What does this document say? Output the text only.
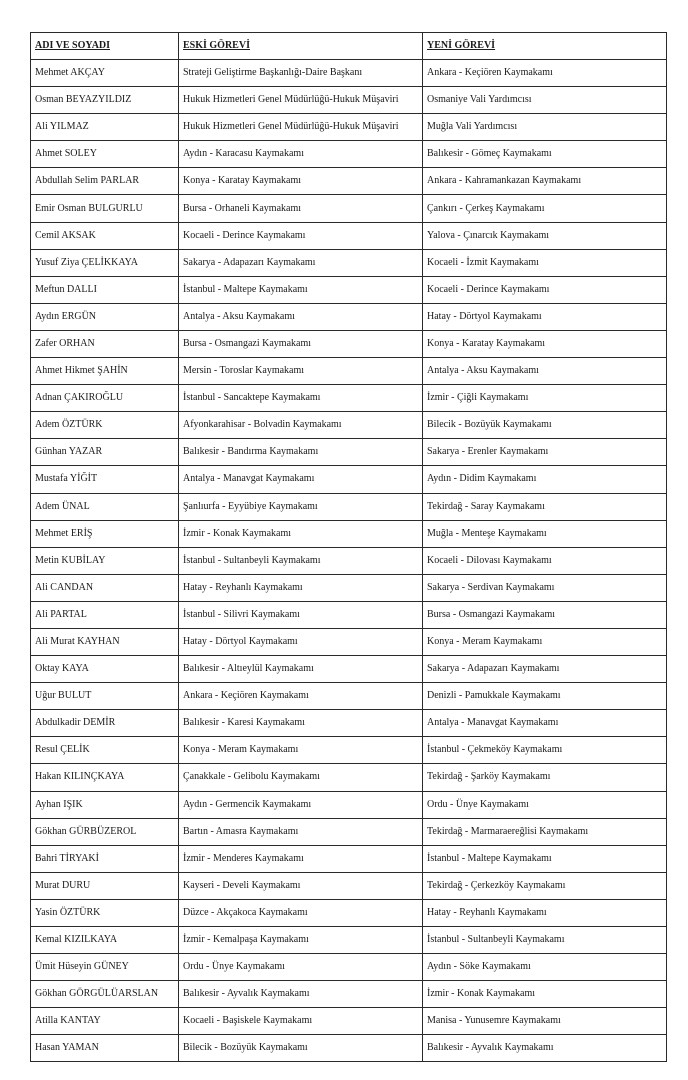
ADI VE SOYADI	ESKİ GÖREVİ	YENİ GÖREVİ
Mehmet AKÇAY	Strateji Geliştirme Başkanlığı-Daire Başkanı	Ankara - Keçiören Kaymakamı
Osman BEYAZYILDIZ	Hukuk Hizmetleri Genel Müdürlüğü-Hukuk Müşaviri	Osmaniye Vali Yardımcısı
Ali YILMAZ	Hukuk Hizmetleri Genel Müdürlüğü-Hukuk Müşaviri	Muğla Vali Yardımcısı
Ahmet SOLEY	Aydın - Karacasu Kaymakamı	Balıkesir - Gömeç Kaymakamı
Abdullah Selim PARLAR	Konya - Karatay Kaymakamı	Ankara - Kahramankazan Kaymakamı
Emir Osman BULGURLU	Bursa - Orhaneli Kaymakamı	Çankırı - Çerkeş Kaymakamı
Cemil AKSAK	Kocaeli - Derince Kaymakamı	Yalova - Çınarcık Kaymakamı
Yusuf Ziya ÇELİKKAYA	Sakarya - Adapazarı Kaymakamı	Kocaeli - İzmit Kaymakamı
Meftun DALLI	İstanbul - Maltepe Kaymakamı	Kocaeli - Derince Kaymakamı
Aydın ERGÜN	Antalya - Aksu Kaymakamı	Hatay - Dörtyol Kaymakamı
Zafer ORHAN	Bursa - Osmangazi Kaymakamı	Konya - Karatay Kaymakamı
Ahmet Hikmet ŞAHİN	Mersin - Toroslar Kaymakamı	Antalya - Aksu Kaymakamı
Adnan ÇAKIROĞLU	İstanbul - Sancaktepe Kaymakamı	İzmir - Çiğli Kaymakamı
Adem ÖZTÜRK	Afyonkarahisar - Bolvadin Kaymakamı	Bilecik - Bozüyük Kaymakamı
Günhan YAZAR	Balıkesir - Bandırma Kaymakamı	Sakarya - Erenler Kaymakamı
Mustafa YİĞİT	Antalya - Manavgat Kaymakamı	Aydın - Didim Kaymakamı
Adem ÜNAL	Şanlıurfa - Eyyübiye Kaymakamı	Tekirdağ - Saray Kaymakamı
Mehmet ERİŞ	İzmir - Konak Kaymakamı	Muğla - Menteşe Kaymakamı
Metin KUBİLAY	İstanbul - Sultanbeyli Kaymakamı	Kocaeli - Dilovası Kaymakamı
Ali CANDAN	Hatay - Reyhanlı Kaymakamı	Sakarya - Serdivan Kaymakamı
Ali PARTAL	İstanbul - Silivri Kaymakamı	Bursa - Osmangazi Kaymakamı
Ali Murat KAYHAN	Hatay - Dörtyol Kaymakamı	Konya - Meram Kaymakamı
Oktay KAYA	Balıkesir - Altıeylül Kaymakamı	Sakarya - Adapazarı Kaymakamı
Uğur BULUT	Ankara - Keçiören Kaymakamı	Denizli - Pamukkale Kaymakamı
Abdulkadir DEMİR	Balıkesir - Karesi Kaymakamı	Antalya - Manavgat Kaymakamı
Resul ÇELİK	Konya - Meram Kaymakamı	İstanbul - Çekmeköy Kaymakamı
Hakan KILINÇKAYA	Çanakkale - Gelibolu Kaymakamı	Tekirdağ - Şarköy Kaymakamı
Ayhan IŞIK	Aydın - Germencik Kaymakamı	Ordu - Ünye Kaymakamı
Gökhan GÜRBÜZEROL	Bartın - Amasra Kaymakamı	Tekirdağ - Marmaraereğlisi Kaymakamı
Bahri TİRYAKİ	İzmir - Menderes Kaymakamı	İstanbul - Maltepe Kaymakamı
Murat DURU	Kayseri - Develi Kaymakamı	Tekirdağ - Çerkezköy Kaymakamı
Yasin ÖZTÜRK	Düzce - Akçakoca Kaymakamı	Hatay - Reyhanlı Kaymakamı
Kemal KIZILKAYA	İzmir - Kemalpaşa Kaymakamı	İstanbul - Sultanbeyli Kaymakamı
Ümit Hüseyin GÜNEY	Ordu - Ünye Kaymakamı	Aydın - Söke Kaymakamı
Gökhan GÖRGÜLÜARSLAN	Balıkesir - Ayvalık Kaymakamı	İzmir - Konak Kaymakamı
Atilla KANTAY	Kocaeli - Başiskele Kaymakamı	Manisa - Yunusemre Kaymakamı
Hasan YAMAN	Bilecik - Bozüyük Kaymakamı	Balıkesir - Ayvalık Kaymakamı
